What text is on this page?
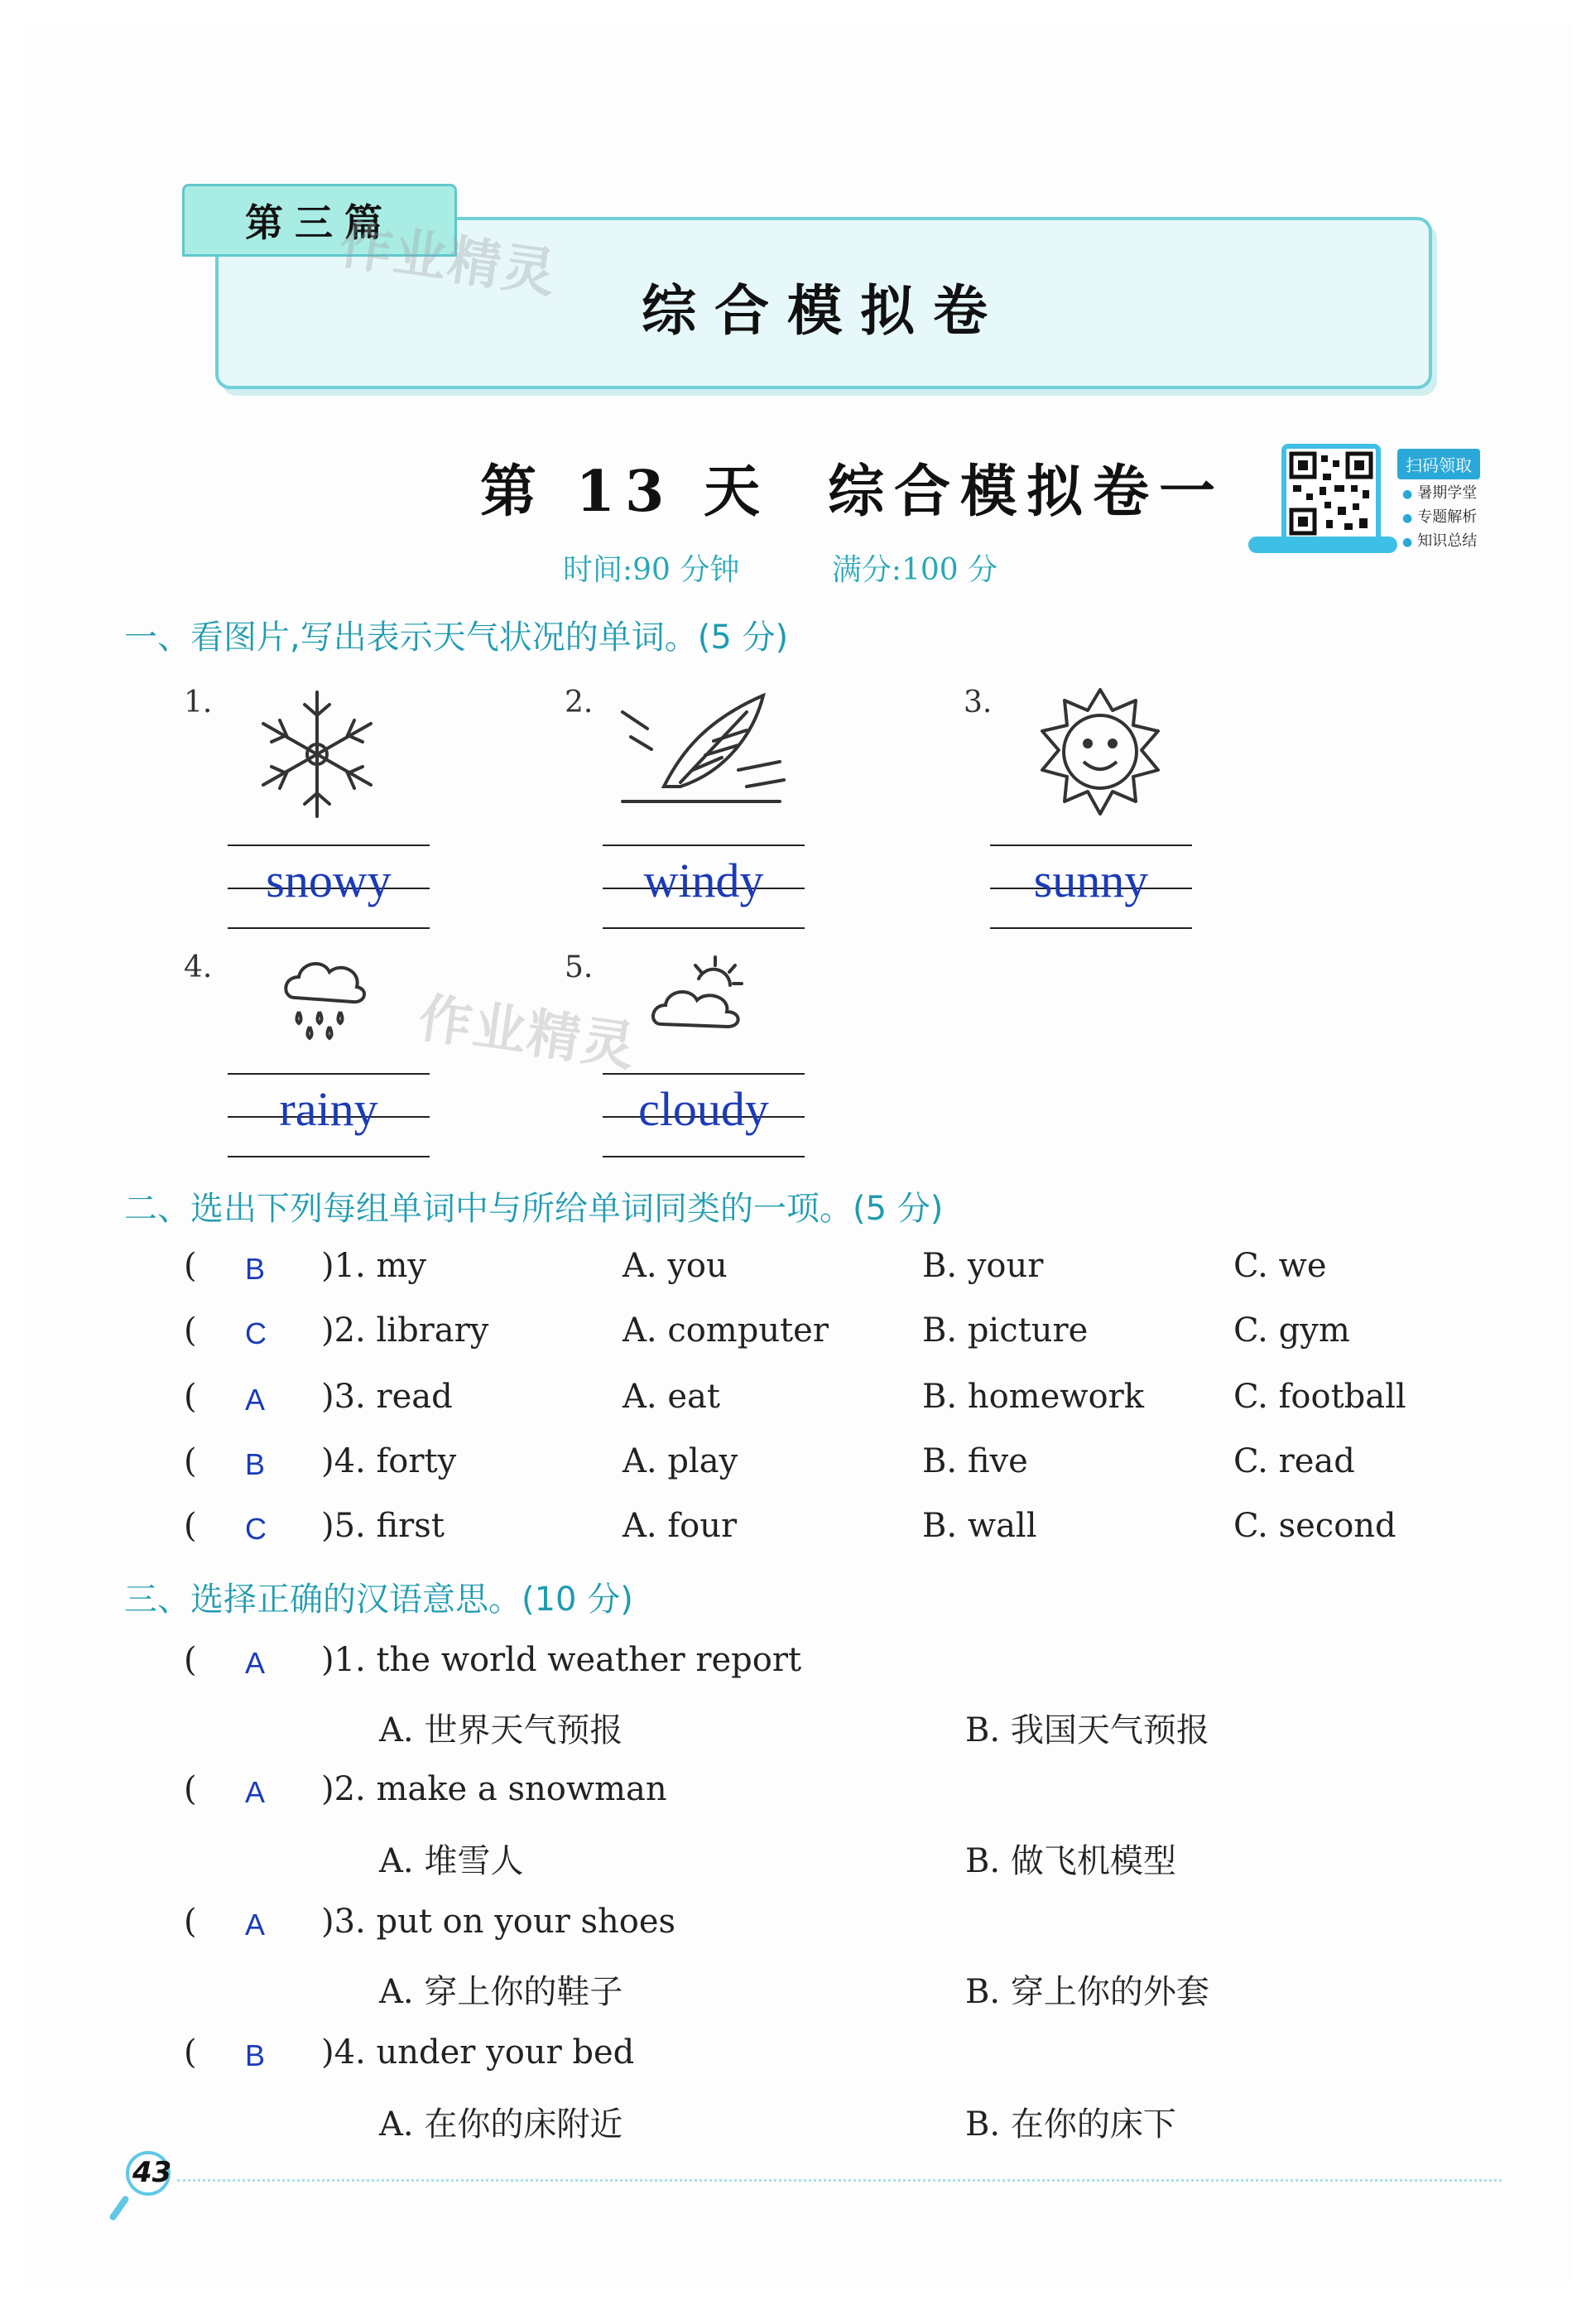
第三篇
综合模拟卷
作业精灵
第 13 天 综合模拟卷一
时间:90 分钟	满分:100 分
扫码领取
● 暑期学堂
● 专题解析
● 知识总结
一、看图片,写出表示天气状况的单词。(5 分)
1.
snowy
2.
windy
3.
sunny
4.
rainy
作业精灵
5.
cloudy
二、选出下列每组单词中与所给单词同类的一项。(5 分)
( B )1. my	A. you	B. your	C. we
( C )2. library	A. computer	B. picture	C. gym
( A )3. read	A. eat	B. homework	C. football
( B )4. forty	A. play	B. five	C. read
( C )5. first	A. four	B. wall	C. second
三、选择正确的汉语意思。(10 分)
( A )1. the world weather report
A. 世界天气预报	B. 我国天气预报
( A )2. make a snowman
A. 堆雪人	B. 做飞机模型
( A )3. put on your shoes
A. 穿上你的鞋子	B. 穿上你的外套
( B )4. under your bed
A. 在你的床附近	B. 在你的床下
43
